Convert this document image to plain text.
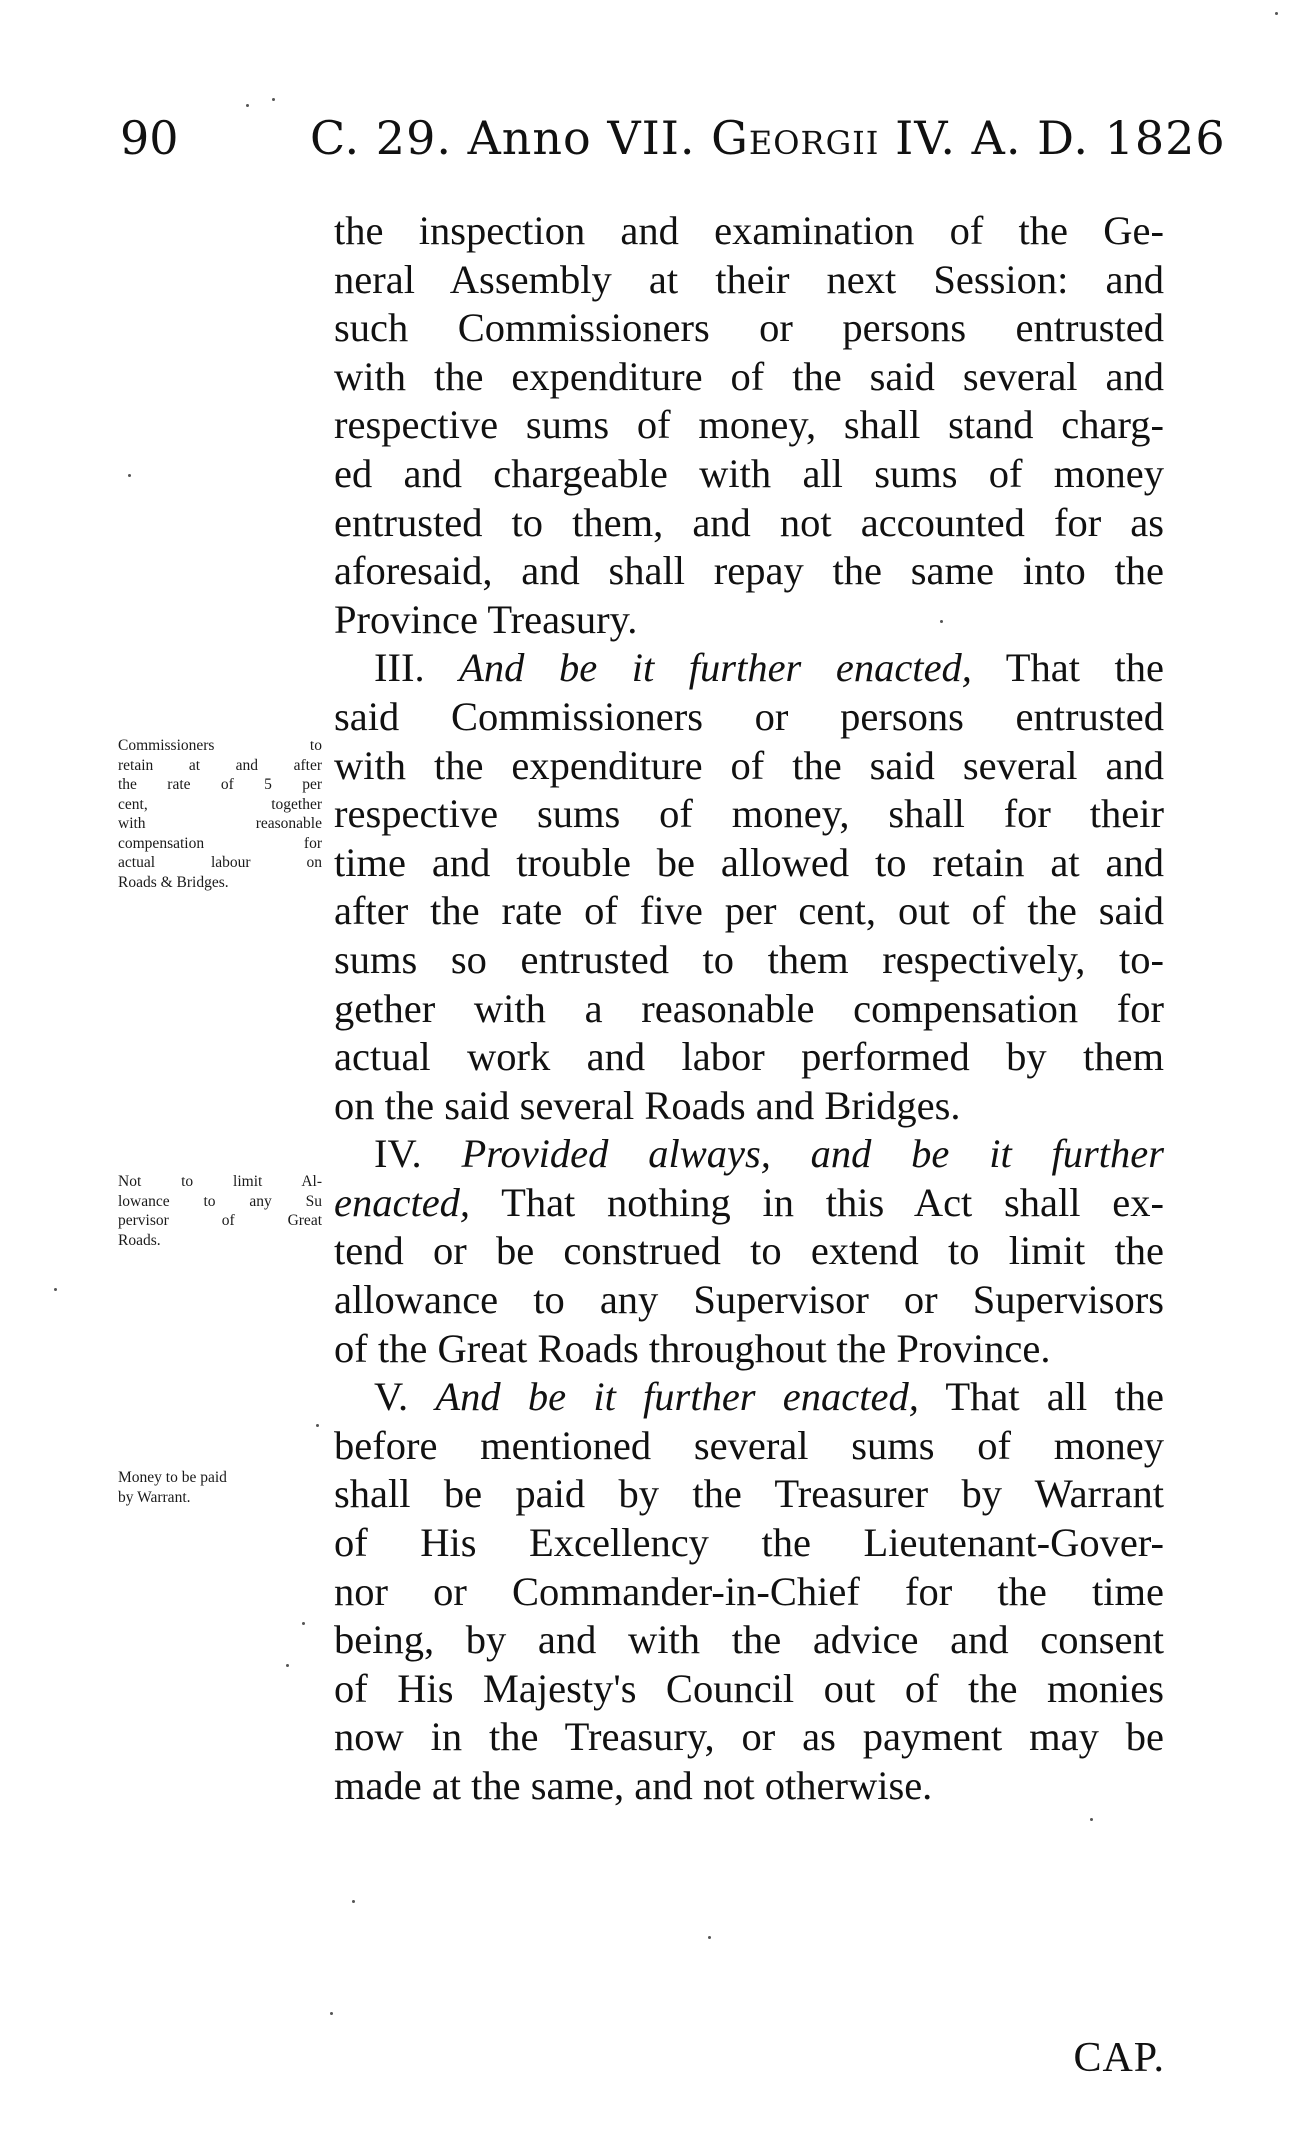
90	C. 29. Anno VII. Georgii IV. A. D. 1826
the inspection and examination of the Ge-
neral Assembly at their next Session: and
such Commissioners or persons entrusted
with the expenditure of the said several and
respective sums of money, shall stand charg-
ed and chargeable with all sums of money
entrusted to them, and not accounted for as
aforesaid, and shall repay the same into the
Province Treasury.
III. And be it further enacted, That the
said Commissioners or persons entrusted
with the expenditure of the said several and
respective sums of money, shall for their
time and trouble be allowed to retain at and
after the rate of five per cent, out of the said
sums so entrusted to them respectively, to-
gether with a reasonable compensation for
actual work and labor performed by them
on the said several Roads and Bridges.
IV. Provided always, and be it further
enacted, That nothing in this Act shall ex-
tend or be construed to extend to limit the
allowance to any Supervisor or Supervisors
of the Great Roads throughout the Province.
V. And be it further enacted, That all the
before mentioned several sums of money
shall be paid by the Treasurer by Warrant
of His Excellency the Lieutenant-Gover-
nor or Commander-in-Chief for the time
being, by and with the advice and consent
of His Majesty's Council out of the monies
now in the Treasury, or as payment may be
made at the same, and not otherwise.
Commissioners to
retain at and after
the rate of 5 per
cent, together
with reasonable
compensation for
actual labour on
Roads & Bridges.
Not to limit Al-
lowance to any Su
pervisor of Great
Roads.
Money to be paid
by Warrant.
CAP.
